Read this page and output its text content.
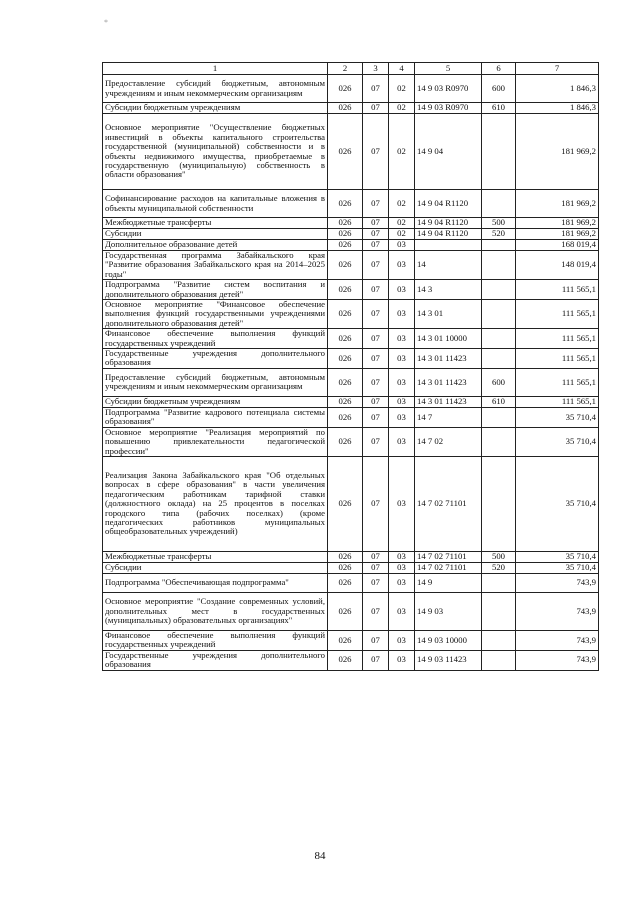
*
1	2	3	4	5	6	7
Предоставление субсидий бюджетным, автономным учреждениям и иным некоммерческим организациям	026	07	02	14 9 03 R0970	600	1 846,3
Субсидии бюджетным учреждениям	026	07	02	14 9 03 R0970	610	1 846,3
Основное мероприятие "Осуществление бюджетных инвестиций в объекты капитального строительства государственной (муниципальной) собственности и в объекты недвижимого имущества, приобретаемые в государственную (муниципальную) собственность в области образования"	026	07	02	14 9 04		181 969,2
Софинансирование расходов на капитальные вложения в объекты муниципальной собственности	026	07	02	14 9 04 R1120		181 969,2
Межбюджетные трансферты	026	07	02	14 9 04 R1120	500	181 969,2
Субсидии	026	07	02	14 9 04 R1120	520	181 969,2
Дополнительное образование детей	026	07	03			168 019,4
Государственная программа Забайкальского края "Развитие образования Забайкальского края на 2014–2025 годы"	026	07	03	14		148 019,4
Подпрограмма "Развитие систем воспитания и дополнительного образования детей"	026	07	03	14 3		111 565,1
Основное мероприятие "Финансовое обеспечение выполнения функций государственными учреждениями дополнительного образования детей"	026	07	03	14 3 01		111 565,1
Финансовое обеспечение выполнения функций государственных учреждений	026	07	03	14 3 01 10000		111 565,1
Государственные учреждения дополнительного образования	026	07	03	14 3 01 11423		111 565,1
Предоставление субсидий бюджетным, автономным учреждениям и иным некоммерческим организациям	026	07	03	14 3 01 11423	600	111 565,1
Субсидии бюджетным учреждениям	026	07	03	14 3 01 11423	610	111 565,1
Подпрограмма "Развитие кадрового потенциала системы образования"	026	07	03	14 7		35 710,4
Основное мероприятие "Реализация мероприятий по повышению привлекательности педагогической профессии"	026	07	03	14 7 02		35 710,4
Реализация Закона Забайкальского края "Об отдельных вопросах в сфере образования" в части увеличения педагогическим работникам тарифной ставки (должностного оклада) на 25 процентов в поселках городского типа (рабочих поселках) (кроме педагогических работников муниципальных общеобразовательных учреждений)	026	07	03	14 7 02 71101		35 710,4
Межбюджетные трансферты	026	07	03	14 7 02 71101	500	35 710,4
Субсидии	026	07	03	14 7 02 71101	520	35 710,4
Подпрограмма "Обеспечивающая подпрограмма"	026	07	03	14 9		743,9
Основное мероприятие "Создание современных условий, дополнительных мест в государственных (муниципальных) образовательных организациях"	026	07	03	14 9 03		743,9
Финансовое обеспечение выполнения функций государственных учреждений	026	07	03	14 9 03 10000		743,9
Государственные учреждения дополнительного образования	026	07	03	14 9 03 11423		743,9
84
